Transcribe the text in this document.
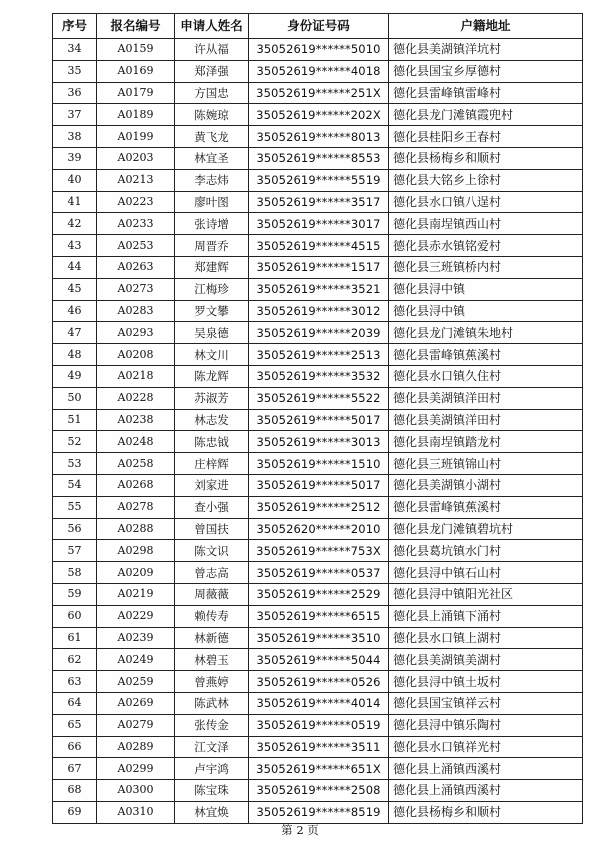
序号	报名编号	申请人姓名	身份证号码	户籍地址
34	A0159	许从福	35052619******5010	德化县美湖镇洋坑村
35	A0169	郑泽强	35052619******4018	德化县国宝乡厚德村
36	A0179	方国忠	35052619******251X	德化县雷峰镇雷峰村
37	A0189	陈婉琼	35052619******202X	德化县龙门滩镇霞兜村
38	A0199	黄飞龙	35052619******8013	德化县桂阳乡王春村
39	A0203	林宜圣	35052619******8553	德化县杨梅乡和顺村
40	A0213	李志炜	35052619******5519	德化县大铭乡上徐村
41	A0223	廖叶图	35052619******3517	德化县水口镇八逞村
42	A0233	张诗增	35052619******3017	德化县南埕镇西山村
43	A0253	周晋乔	35052619******4515	德化县赤水镇铭爱村
44	A0263	郑建辉	35052619******1517	德化县三班镇桥内村
45	A0273	江梅珍	35052619******3521	德化县浔中镇
46	A0283	罗文攀	35052619******3012	德化县浔中镇
47	A0293	吴泉德	35052619******2039	德化县龙门滩镇朱地村
48	A0208	林文川	35052619******2513	德化县雷峰镇蕉溪村
49	A0218	陈龙辉	35052619******3532	德化县水口镇久住村
50	A0228	苏淑芳	35052619******5522	德化县美湖镇洋田村
51	A0238	林志发	35052619******5017	德化县美湖镇洋田村
52	A0248	陈忠钺	35052619******3013	德化县南埕镇踏龙村
53	A0258	庄梓辉	35052619******1510	德化县三班镇锦山村
54	A0268	刘家进	35052619******5017	德化县美湖镇小湖村
55	A0278	查小强	35052619******2512	德化县雷峰镇蕉溪村
56	A0288	曾国扶	35052620******2010	德化县龙门滩镇碧坑村
57	A0298	陈文识	35052619******753X	德化县葛坑镇水门村
58	A0209	曾志高	35052619******0537	德化县浔中镇石山村
59	A0219	周薇薇	35052619******2529	德化县浔中镇阳光社区
60	A0229	赖传寿	35052619******6515	德化县上涌镇下涌村
61	A0239	林新德	35052619******3510	德化县水口镇上湖村
62	A0249	林碧玉	35052619******5044	德化县美湖镇美湖村
63	A0259	曾燕婷	35052619******0526	德化县浔中镇土坂村
64	A0269	陈武林	35052619******4014	德化县国宝镇祥云村
65	A0279	张传金	35052619******0519	德化县浔中镇乐陶村
66	A0289	江文泽	35052619******3511	德化县水口镇祥光村
67	A0299	卢宇鸿	35052619******651X	德化县上涌镇西溪村
68	A0300	陈宝珠	35052619******2508	德化县上涌镇西溪村
69	A0310	林宜焕	35052619******8519	德化县杨梅乡和顺村
第 2 页
